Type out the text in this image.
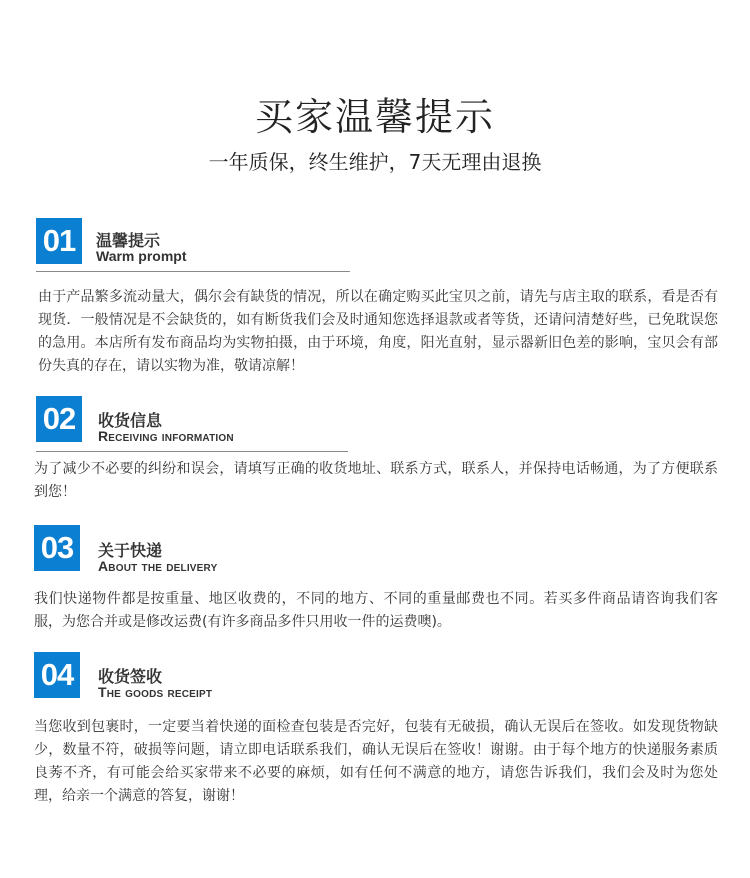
买家温馨提示
一年质保，终生维护，7天无理由退换
01	温馨提示
Warm prompt
由于产品繁多流动量大，偶尔会有缺货的情况，所以在确定购买此宝贝之前，请先与店主取的联系，看是否有现货．一般情况是不会缺货的，如有断货我们会及时通知您选择退款或者等货，还请问清楚好些，已免耽误您的急用。本店所有发布商品均为实物拍摄，由于环境，角度，阳光直射，显示器新旧色差的影响，宝贝会有部份失真的存在，请以实物为准，敬请凉解！
02	收货信息
Receiving information
为了减少不必要的纠纷和误会，请填写正确的收货地址、联系方式，联系人，并保持电话畅通，为了方便联系到您！
03	关于快递
About the delivery
我们快递物件都是按重量、地区收费的，不同的地方、不同的重量邮费也不同。若买多件商品请咨询我们客服，为您合并或是修改运费(有许多商品多件只用收一件的运费噢)。
04	收货签收
The goods receipt
当您收到包裹时，一定要当着快递的面检查包装是否完好，包装有无破损，确认无误后在签收。如发现货物缺少，数量不符，破损等问题，请立即电话联系我们，确认无误后在签收！谢谢。由于每个地方的快递服务素质良莠不齐，有可能会给买家带来不必要的麻烦，如有任何不满意的地方，请您告诉我们，我们会及时为您处理，给亲一个满意的答复，谢谢！
